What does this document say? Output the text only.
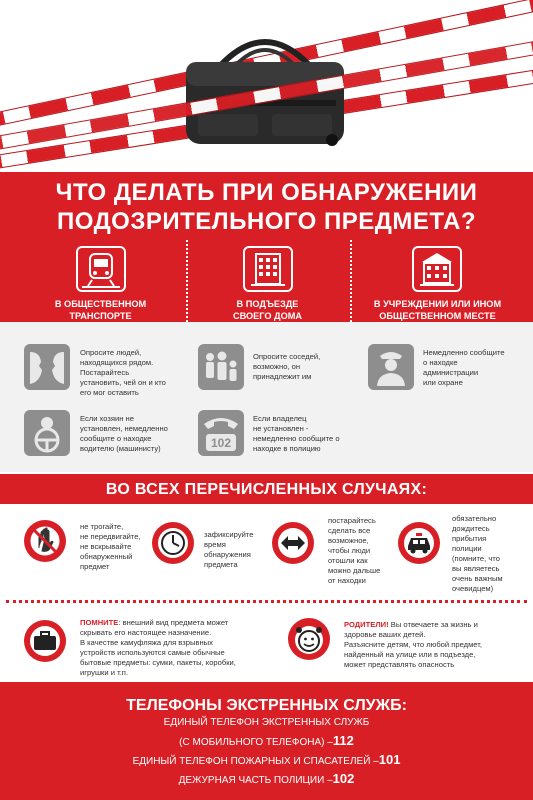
ЧТО ДЕЛАТЬ ПРИ ОБНАРУЖЕНИИ
ПОДОЗРИТЕЛЬНОГО ПРЕДМЕТА?
В ОБЩЕСТВЕННОМ
ТРАНСПОРТЕ
В ПОДЪЕЗДЕ
СВОЕГО ДОМА
В УЧРЕЖДЕНИИ ИЛИ ИНОМ
ОБЩЕСТВЕННОМ МЕСТЕ
Опросите людей,
находящихся рядом.
Постарайтесь
установить, чей он и кто
его мог оставить
Если хозяин не
установлен, немедленно
сообщите о находке
водителю (машинисту)
Опросите соседей,
возможно, он
принадлежит им
102
Если владелец
не установлен -
немедленно сообщите о
находке в полицию
Немедленно сообщите
о находке
администрации
или охране
ВО ВСЕХ ПЕРЕЧИСЛЕННЫХ СЛУЧАЯХ:
не трогайте,
не передвигайте,
не вскрывайте
обнаруженный
предмет
зафиксируйте
время
обнаружения
предмета
постарайтесь
сделать все
возможное,
чтобы люди
отошли как
можно дальше
от находки
обязательно
дождитесь
прибытия
полиции
(помните, что
вы являетесь
очень важным
очевидцем)
ПОМНИТЕ: внешний вид предмета может
скрывать его настоящее назначение.
В качестве камуфляжа для взрывных
устройств используются самые обычные
бытовые предметы: сумки, пакеты, коробки,
игрушки и т.п.
РОДИТЕЛИ! Вы отвечаете за жизнь и
здоровье ваших детей.
Разъясните детям, что любой предмет,
найденный на улице или в подъезде,
может представлять опасность
ТЕЛЕФОНЫ ЭКСТРЕННЫХ СЛУЖБ:
ЕДИНЫЙ ТЕЛЕФОН ЭКСТРЕННЫХ СЛУЖБ
(С МОБИЛЬНОГО ТЕЛЕФОНА) –112
ЕДИНЫЙ ТЕЛЕФОН ПОЖАРНЫХ И СПАСАТЕЛЕЙ –101
ДЕЖУРНАЯ ЧАСТЬ ПОЛИЦИИ –102
